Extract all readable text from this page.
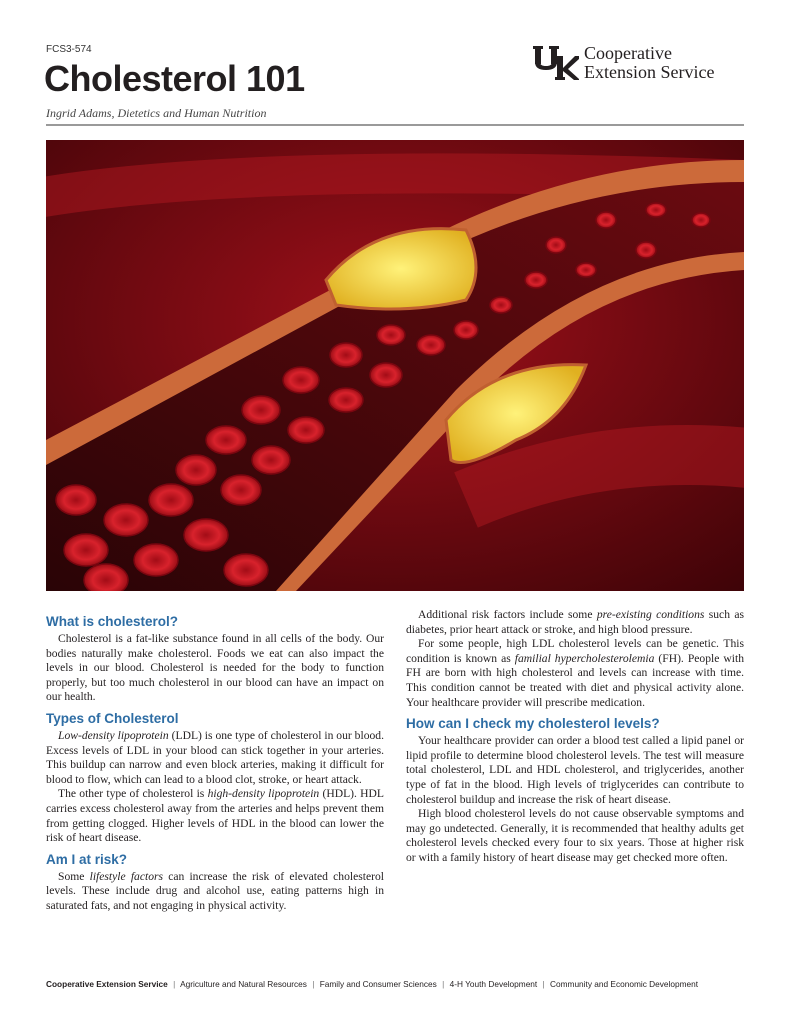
FCS3-574
Cholesterol 101
Ingrid Adams, Dietetics and Human Nutrition
Cooperative
Extension Service
What is cholesterol?

Cholesterol is a fat-like substance found in all cells of the body. Our bodies naturally make cholesterol. Foods we eat can also impact the levels in our blood. Cholesterol is needed for the body to function properly, but too much cholesterol in our blood can have an impact on our health.

Types of Cholesterol

Low-density lipoprotein (LDL) is one type of cholesterol in our blood. Excess levels of LDL in your blood can stick together in your arteries. This buildup can narrow and even block arteries, making it difficult for blood to flow, which can lead to a blood clot, stroke, or heart attack.

The other type of cholesterol is high-density lipoprotein (HDL). HDL carries excess cholesterol away from the arteries and helps prevent them from getting clogged. Higher levels of HDL in the blood can lower the risk of heart disease.

Am I at risk?

Some lifestyle factors can increase the risk of elevated cholesterol levels. These include drug and alcohol use, eating patterns high in saturated fats, and not engaging in physical activity.

Additional risk factors include some pre-existing conditions such as diabetes, prior heart attack or stroke, and high blood pressure.

For some people, high LDL cholesterol levels can be genetic. This condition is known as familial hypercholesterolemia (FH). People with FH are born with high cholesterol and levels can increase with time. This condition cannot be treated with diet and physical activity alone. Your healthcare provider will prescribe medication.

How can I check my cholesterol levels?

Your healthcare provider can order a blood test called a lipid panel or lipid profile to determine blood cholesterol levels. The test will measure total cholesterol, LDL and HDL cholesterol, and triglycerides, another type of fat in the blood. High levels of triglycerides can contribute to cholesterol buildup and increase the risk of heart disease.

High blood cholesterol levels do not cause observable symptoms and may go undetected. Generally, it is recommended that healthy adults get cholesterol levels checked every four to six years. Those at higher risk or with a family history of heart disease may get checked more often.

Cooperative Extension Service | Agriculture and Natural Resources | Family and Consumer Sciences | 4-H Youth Development | Community and Economic Development
